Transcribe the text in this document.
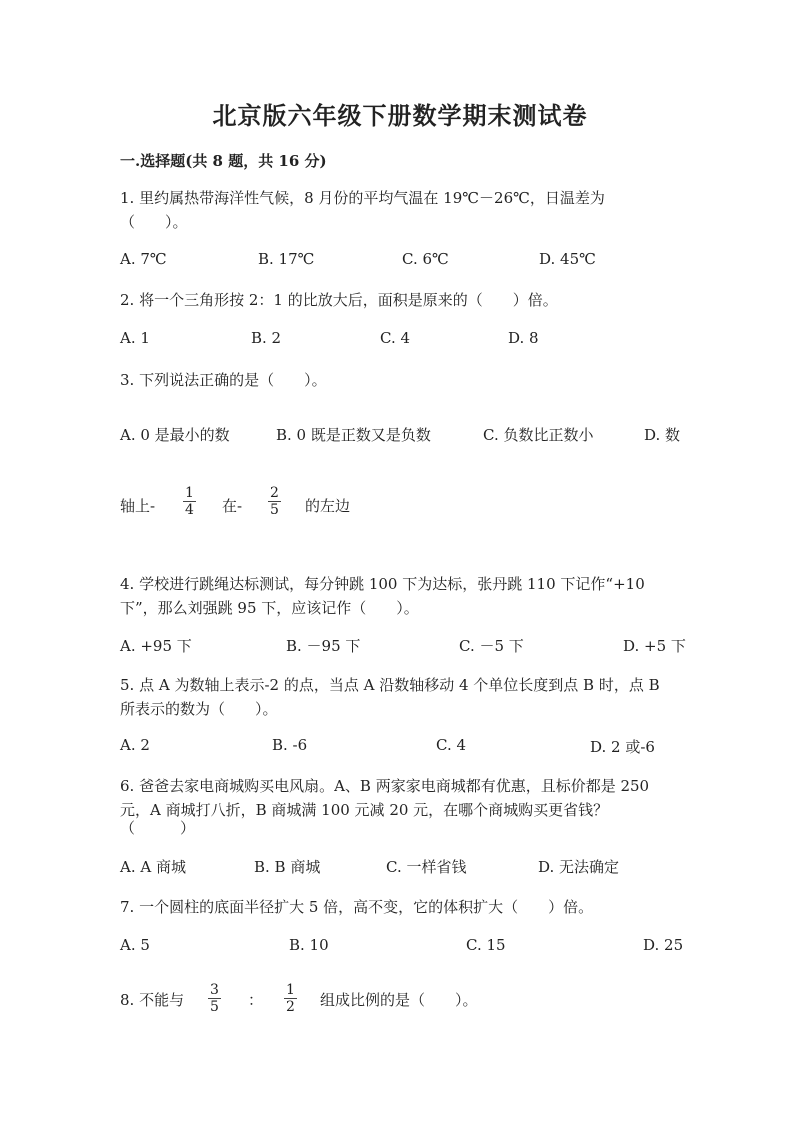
北京版六年级下册数学期末测试卷
一.选择题(共 8 题，共 16 分)
1. 里约属热带海洋性气候，8 月份的平均气温在 19℃－26℃，日温差为
（　　）。
A. 7℃	B. 17℃	C. 6℃	D. 45℃
2. 将一个三角形按 2：1 的比放大后，面积是原来的（　　）倍。
A. 1	B. 2	C. 4	D. 8
3. 下列说法正确的是（　　）。
A. 0 是最小的数	B. 0 既是正数又是负数	C. 负数比正数小	D. 数
轴上- $\frac{1}{4}$ 在- $\frac{2}{5}$ 的左边
4. 学校进行跳绳达标测试，每分钟跳 100 下为达标，张丹跳 110 下记作“+10
下”，那么刘强跳 95 下，应该记作（　　）。
A. +95 下	B. －95 下	C. －5 下	D. +5 下
5. 点 A 为数轴上表示-2 的点，当点 A 沿数轴移动 4 个单位长度到点 B 时，点 B
所表示的数为（　　）。
A. 2	B. -6	C. 4	D. 2 或-6
6. 爸爸去家电商城购买电风扇。A、B 两家家电商城都有优惠，且标价都是 250
元，A 商城打八折，B 商城满 100 元减 20 元，在哪个商城购买更省钱？
（　　　）
A. A 商城	B. B 商城	C. 一样省钱	D. 无法确定
7. 一个圆柱的底面半径扩大 5 倍，高不变，它的体积扩大（　　）倍。
A. 5	B. 10	C. 15	D. 25
8. 不能与 $\frac{3}{5}$ ： $\frac{1}{2}$ 组成比例的是（　　）。
